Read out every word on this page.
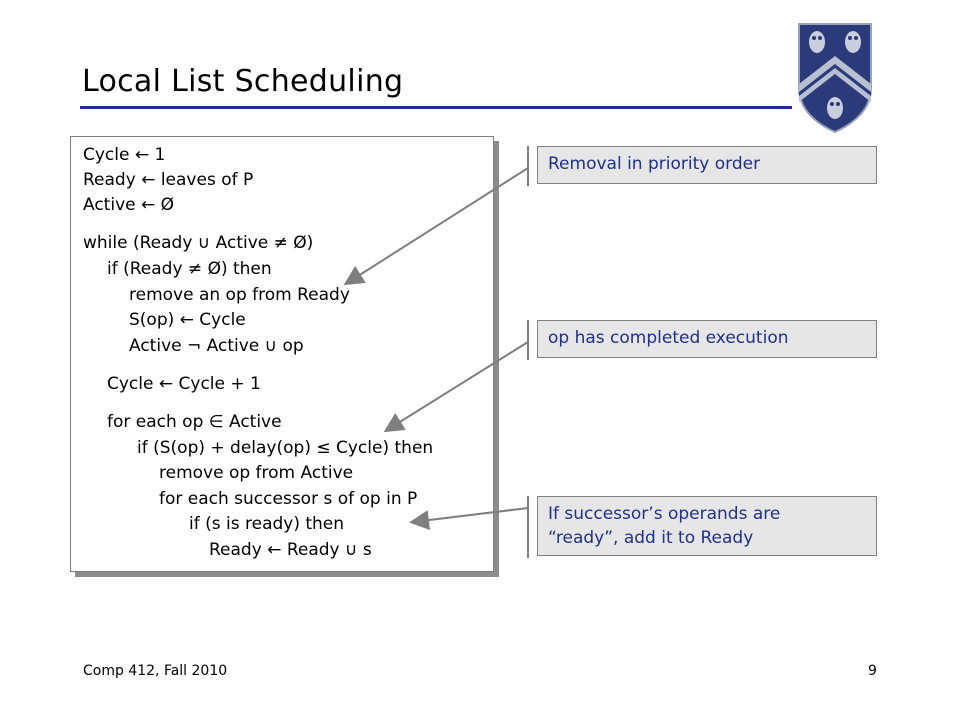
Local List Scheduling
Cycle ← 1
Ready ← leaves of P
Active ← Ø
while (Ready ∪ Active ≠ Ø)
if (Ready ≠ Ø) then
remove an op from Ready
S(op) ← Cycle
Active ¬ Active ∪ op
Cycle ← Cycle + 1
for each op ∈ Active
if (S(op) + delay(op) ≤ Cycle) then
remove op from Active
for each successor s of op in P
if (s is ready) then
Ready ← Ready ∪ s
Removal in priority order
op has completed execution
If successor’s operands are
“ready”, add it to Ready
Comp 412, Fall 2010	9
